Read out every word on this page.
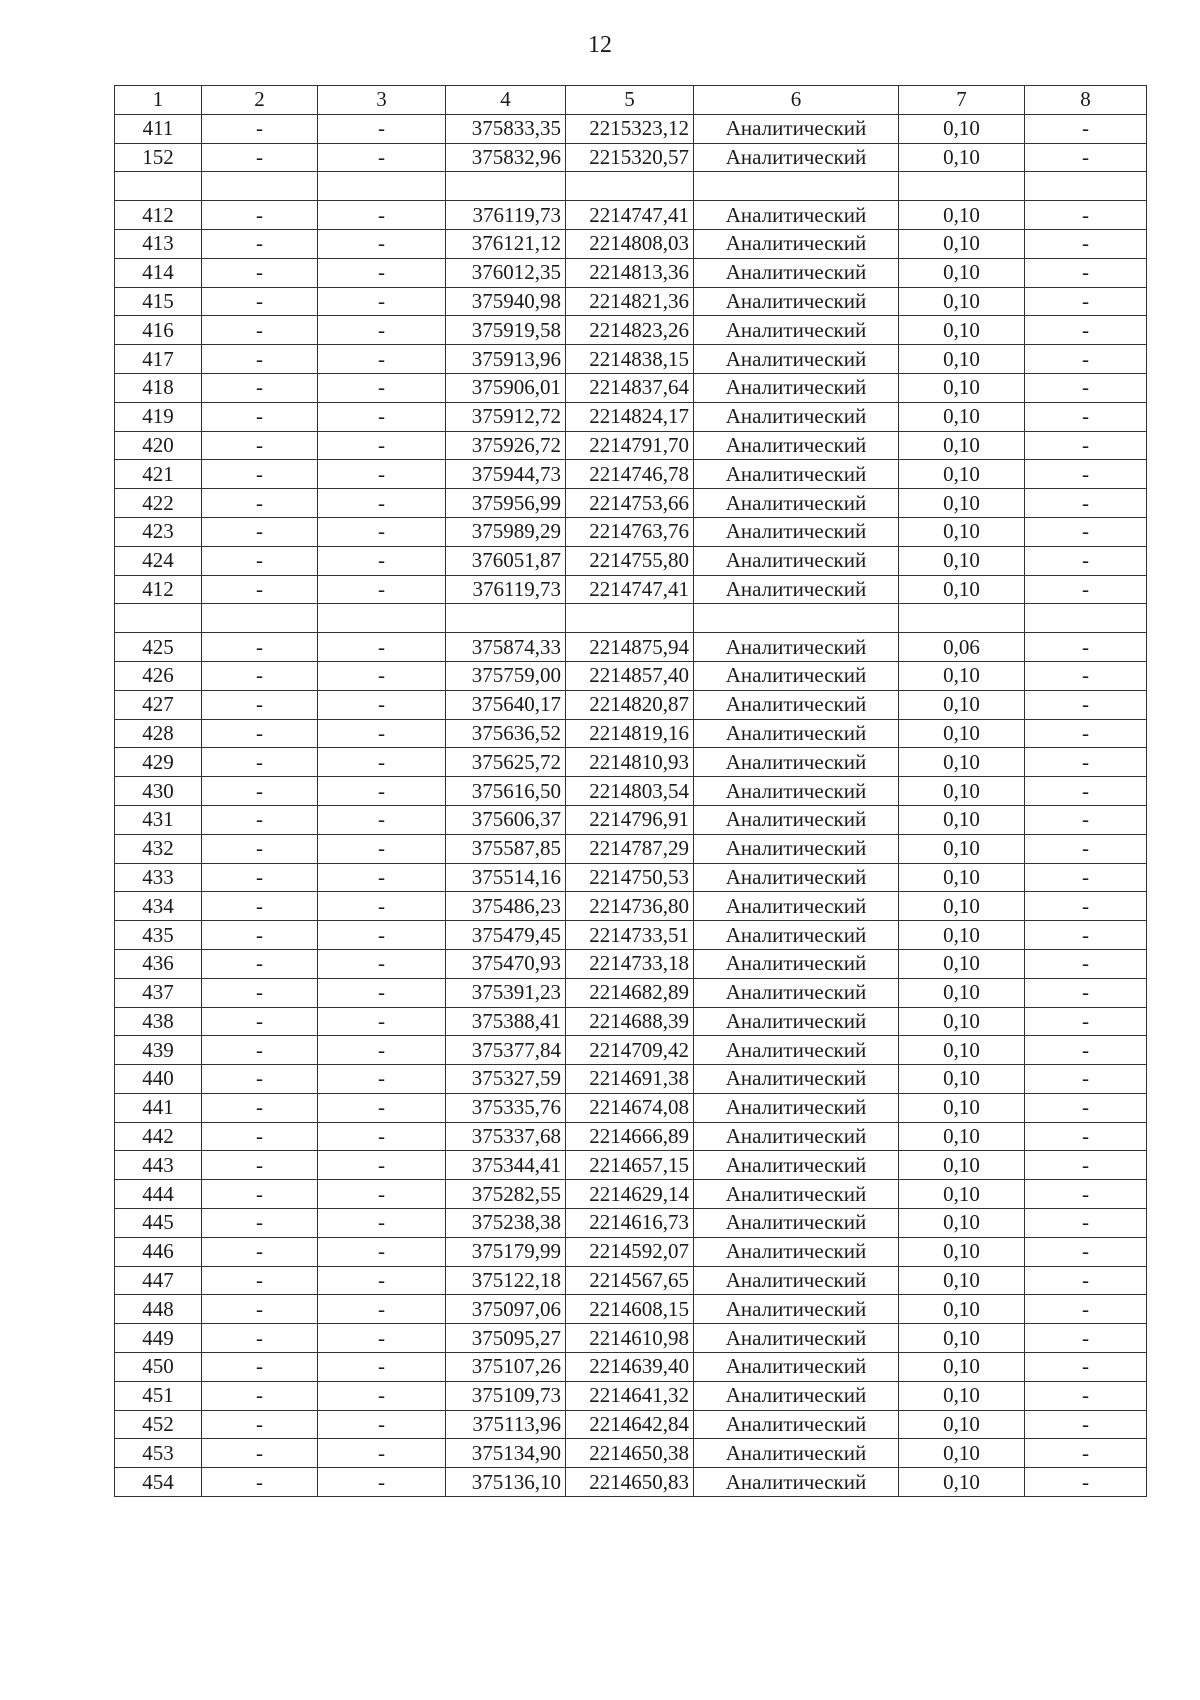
12
1	2	3	4	5	6	7	8
411	-	-	375833,35	2215323,12	Аналитический	0,10	-
152	-	-	375832,96	2215320,57	Аналитический	0,10	-

412	-	-	376119,73	2214747,41	Аналитический	0,10	-
413	-	-	376121,12	2214808,03	Аналитический	0,10	-
414	-	-	376012,35	2214813,36	Аналитический	0,10	-
415	-	-	375940,98	2214821,36	Аналитический	0,10	-
416	-	-	375919,58	2214823,26	Аналитический	0,10	-
417	-	-	375913,96	2214838,15	Аналитический	0,10	-
418	-	-	375906,01	2214837,64	Аналитический	0,10	-
419	-	-	375912,72	2214824,17	Аналитический	0,10	-
420	-	-	375926,72	2214791,70	Аналитический	0,10	-
421	-	-	375944,73	2214746,78	Аналитический	0,10	-
422	-	-	375956,99	2214753,66	Аналитический	0,10	-
423	-	-	375989,29	2214763,76	Аналитический	0,10	-
424	-	-	376051,87	2214755,80	Аналитический	0,10	-
412	-	-	376119,73	2214747,41	Аналитический	0,10	-

425	-	-	375874,33	2214875,94	Аналитический	0,06	-
426	-	-	375759,00	2214857,40	Аналитический	0,10	-
427	-	-	375640,17	2214820,87	Аналитический	0,10	-
428	-	-	375636,52	2214819,16	Аналитический	0,10	-
429	-	-	375625,72	2214810,93	Аналитический	0,10	-
430	-	-	375616,50	2214803,54	Аналитический	0,10	-
431	-	-	375606,37	2214796,91	Аналитический	0,10	-
432	-	-	375587,85	2214787,29	Аналитический	0,10	-
433	-	-	375514,16	2214750,53	Аналитический	0,10	-
434	-	-	375486,23	2214736,80	Аналитический	0,10	-
435	-	-	375479,45	2214733,51	Аналитический	0,10	-
436	-	-	375470,93	2214733,18	Аналитический	0,10	-
437	-	-	375391,23	2214682,89	Аналитический	0,10	-
438	-	-	375388,41	2214688,39	Аналитический	0,10	-
439	-	-	375377,84	2214709,42	Аналитический	0,10	-
440	-	-	375327,59	2214691,38	Аналитический	0,10	-
441	-	-	375335,76	2214674,08	Аналитический	0,10	-
442	-	-	375337,68	2214666,89	Аналитический	0,10	-
443	-	-	375344,41	2214657,15	Аналитический	0,10	-
444	-	-	375282,55	2214629,14	Аналитический	0,10	-
445	-	-	375238,38	2214616,73	Аналитический	0,10	-
446	-	-	375179,99	2214592,07	Аналитический	0,10	-
447	-	-	375122,18	2214567,65	Аналитический	0,10	-
448	-	-	375097,06	2214608,15	Аналитический	0,10	-
449	-	-	375095,27	2214610,98	Аналитический	0,10	-
450	-	-	375107,26	2214639,40	Аналитический	0,10	-
451	-	-	375109,73	2214641,32	Аналитический	0,10	-
452	-	-	375113,96	2214642,84	Аналитический	0,10	-
453	-	-	375134,90	2214650,38	Аналитический	0,10	-
454	-	-	375136,10	2214650,83	Аналитический	0,10	-
